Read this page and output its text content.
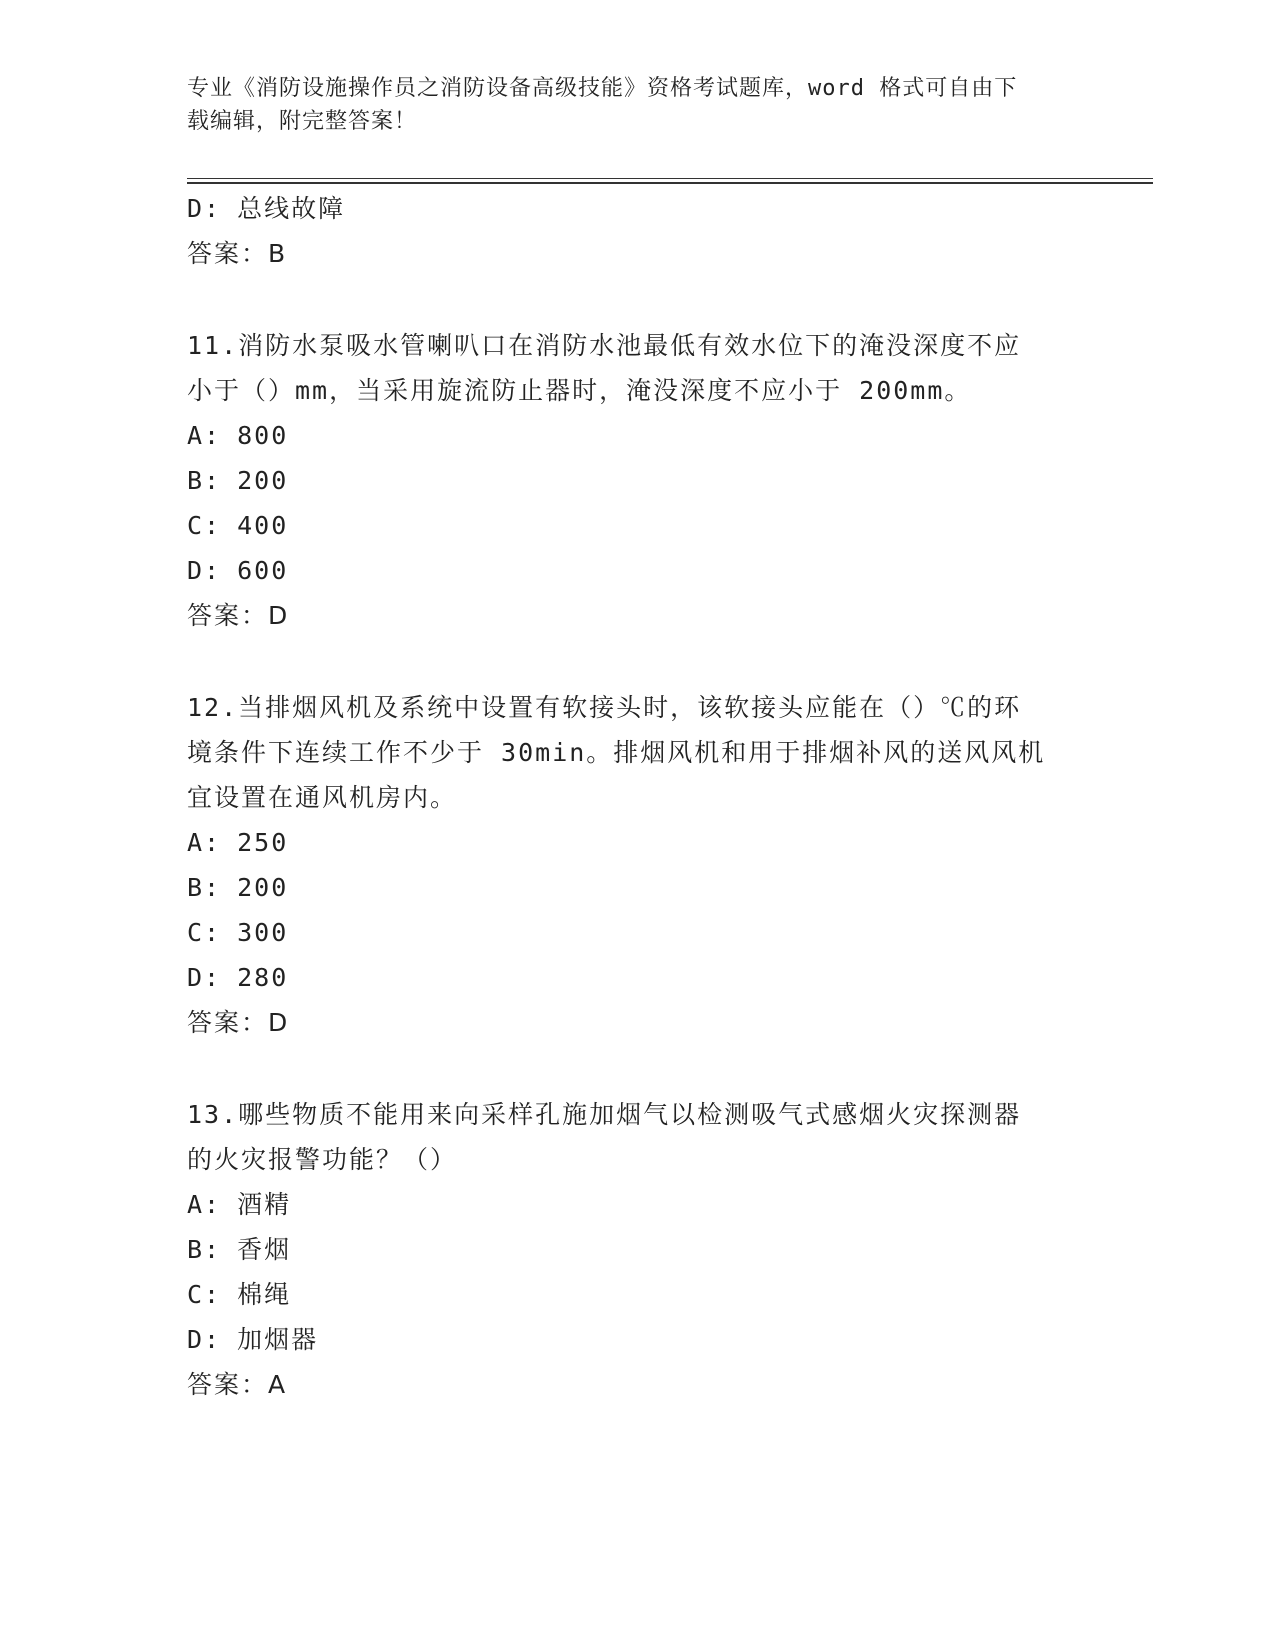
专业《消防设施操作员之消防设备高级技能》资格考试题库，word 格式可自由下
载编辑，附完整答案！

D: 总线故障

答案：B

11.消防水泵吸水管喇叭口在消防水池最低有效水位下的淹没深度不应

小于（）mm，当采用旋流防止器时，淹没深度不应小于 200mm。

A: 800

B: 200

C: 400

D: 600

答案：D

12.当排烟风机及系统中设置有软接头时，该软接头应能在（）℃的环

境条件下连续工作不少于 30min。排烟风机和用于排烟补风的送风风机

宜设置在通风机房内。

A: 250

B: 200

C: 300

D: 280

答案：D

13.哪些物质不能用来向采样孔施加烟气以检测吸气式感烟火灾探测器

的火灾报警功能？（）

A: 酒精

B: 香烟

C: 棉绳

D: 加烟器

答案：A
